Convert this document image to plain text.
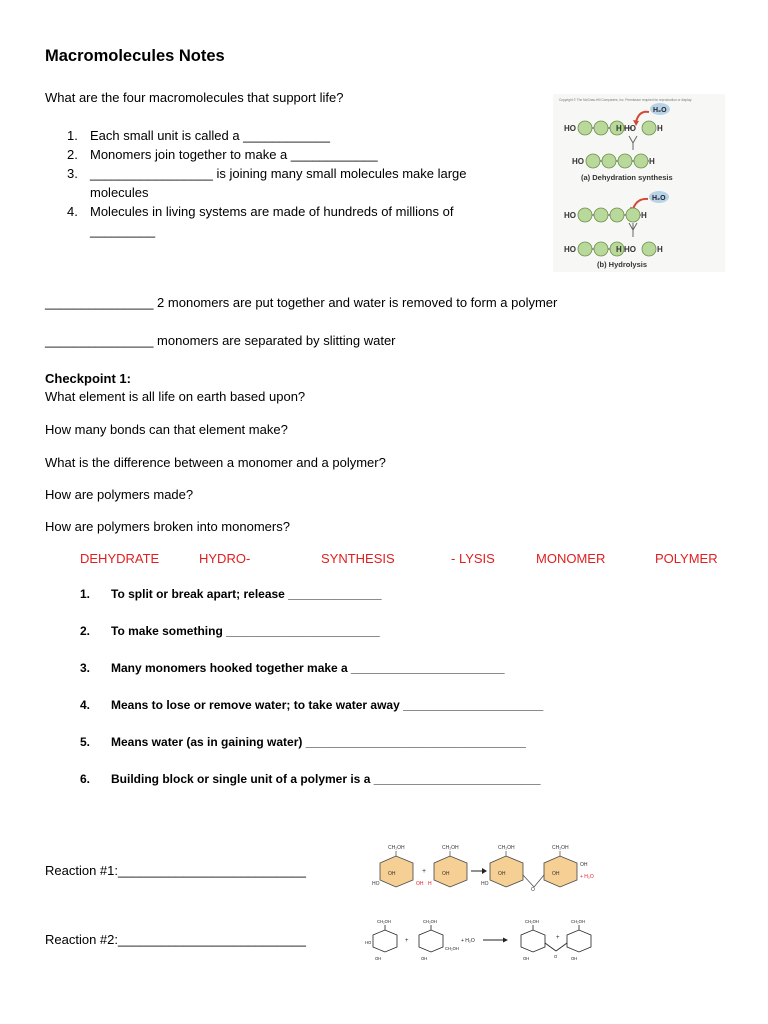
Macromolecules Notes
What are the four macromolecules that support life?
1. Each small unit is called a ____________
2. Monomers join together to make a ____________
3. _________________ is joining many small molecules make large molecules
4. Molecules in living systems are made of hundreds of millions of _________
Copyright © The McGraw-Hill Companies, Inc. Permission required for reproduction or display.
HO	H HO	H
H₂O
HO	H
(a) Dehydration synthesis
H₂O
HO	H
HO	H HO	H
(b) Hydrolysis
_______________ 2 monomers are put together and water is removed to form a polymer
_______________ monomers are separated by slitting water
Checkpoint 1:
What element is all life on earth based upon?
How many bonds can that element make?
What is the difference between a monomer and a polymer?
How are polymers made?
How are polymers broken into monomers?
DEHYDRATE	HYDRO-	SYNTHESIS	- LYSIS	MONOMER	POLYMER
1. To split or break apart; release ______________
2. To make something _______________________
3. Many monomers hooked together make a _______________________
4. Means to lose or remove water; to take water away _____________________
5. Means water (as in gaining water) _________________________________
6. Building block or single unit of a polymer is a _________________________
Reaction #1:__________________________
Reaction #2:__________________________
CH₂OH	CH₂OH	CH₂OH	CH₂OH
OH	OH	OH	OH
HO	HO
O
OH
OH H
+ H₂O
+
CH₂OH	CH₂OH	CH₂OH	CH₂OH
OH	OH	OH	OH
HO
CH₂OH
O
+ H₂O
+	+
